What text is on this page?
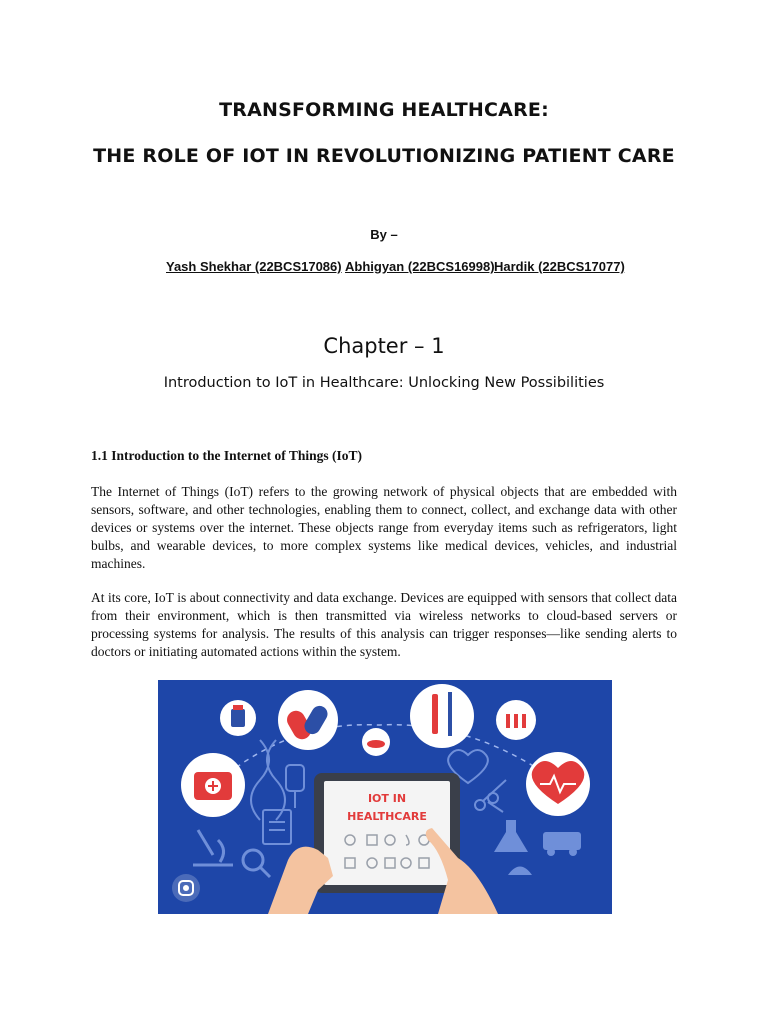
TRANSFORMING HEALTHCARE:
THE ROLE OF IOT IN REVOLUTIONIZING PATIENT CARE
By –
Yash Shekhar (22BCS17086) Abhigyan (22BCS16998) Hardik (22BCS17077)
Chapter – 1
Introduction to IoT in Healthcare: Unlocking New Possibilities
1.1 Introduction to the Internet of Things (IoT)

The Internet of Things (IoT) refers to the growing network of physical objects that are embedded with sensors, software, and other technologies, enabling them to connect, collect, and exchange data with other devices or systems over the internet. These objects range from everyday items such as refrigerators, light bulbs, and wearable devices, to more complex systems like medical devices, vehicles, and industrial machines.

At its core, IoT is about connectivity and data exchange. Devices are equipped with sensors that collect data from their environment, which is then transmitted via wireless networks to cloud-based servers or processing systems for analysis. The results of this analysis can trigger responses—like sending alerts to doctors or initiating automated actions within the system.

IOT IN
HEALTHCARE
